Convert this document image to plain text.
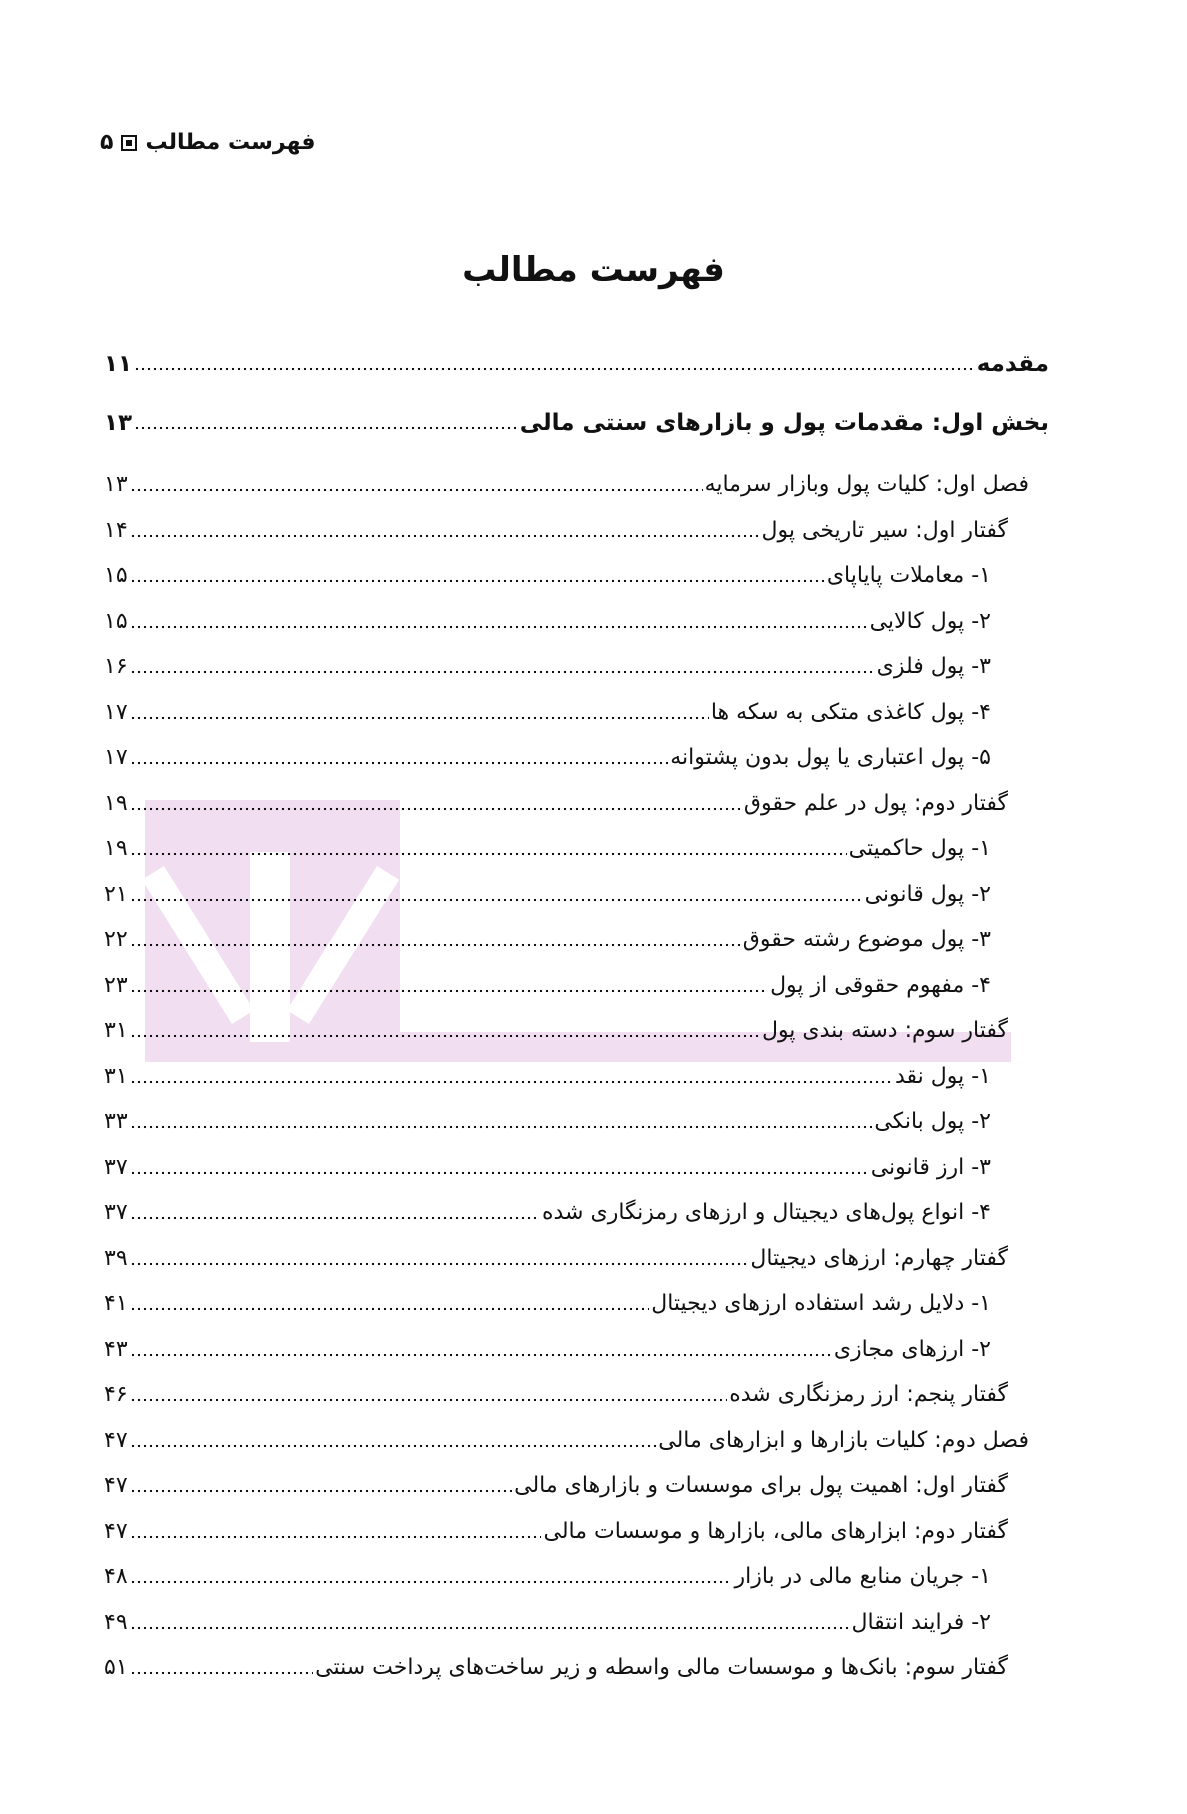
فهرست مطالب
۵
فهرست مطالب
مقدمه
۱۱
بخش اول: مقدمات پول و بازارهای سنتی مالی
۱۳
فصل اول: کلیات پول وبازار سرمایه
۱۳
گفتار اول: سیر تاریخی پول
۱۴
۱- معاملات پایاپای
۱۵
۲- پول کالایی
۱۵
۳- پول فلزی
۱۶
۴- پول کاغذی متکی به سکه ها
۱۷
۵- پول اعتباری یا پول بدون پشتوانه
۱۷
گفتار دوم: پول در علم حقوق
۱۹
۱- پول حاکمیتی
۱۹
۲- پول قانونی
۲۱
۳- پول موضوع رشته حقوق
۲۲
۴- مفهوم حقوقی از پول
۲۳
گفتار سوم: دسته بندی پول
۳۱
۱- پول نقد
۳۱
۲- پول بانکی
۳۳
۳- ارز قانونی
۳۷
۴- انواع پول‌های دیجیتال و ارزهای رمزنگاری شده
۳۷
گفتار چهارم: ارزهای دیجیتال
۳۹
۱- دلایل رشد استفاده ارزهای دیجیتال
۴۱
۲- ارزهای مجازی
۴۳
گفتار پنجم: ارز رمزنگاری شده
۴۶
فصل دوم: کلیات بازارها و ابزارهای مالی
۴۷
گفتار اول: اهمیت پول برای موسسات و بازارهای مالی
۴۷
گفتار دوم: ابزارهای مالی، بازارها و موسسات مالی
۴۷
۱- جریان منابع مالی در بازار
۴۸
۲- فرایند انتقال
۴۹
گفتار سوم: بانک‌ها و موسسات مالی واسطه و زیر ساخت‌های پرداخت سنتی
۵۱
